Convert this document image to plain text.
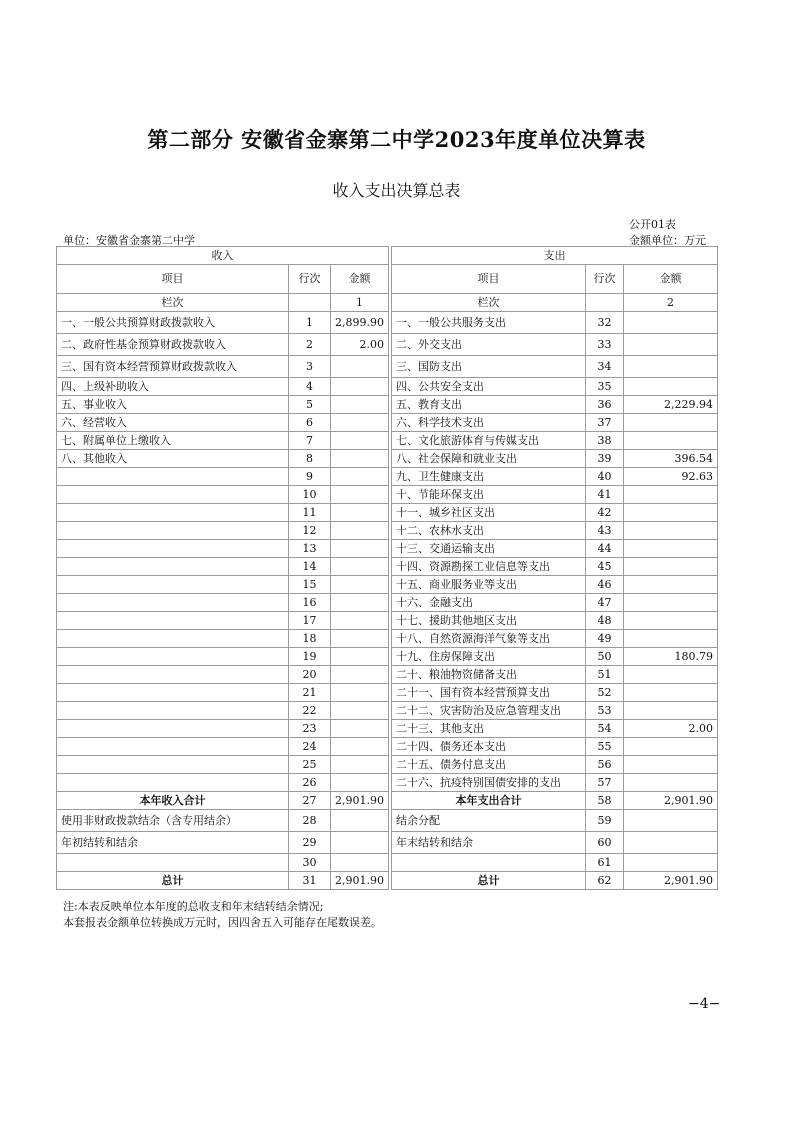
第二部分 安徽省金寨第二中学2023年度单位决算表
收入支出决算总表
公开01表
单位：安徽省金寨第二中学	金额单位：万元
收入				支出		
项目	行次	金额		项目	行次	金额
栏次		1		栏次		2
一、一般公共预算财政拨款收入	1	2,899.90		一、一般公共服务支出	32	
二、政府性基金预算财政拨款收入	2	2.00		二、外交支出	33	
三、国有资本经营预算财政拨款收入	3			三、国防支出	34	
四、上级补助收入	4			四、公共安全支出	35	
五、事业收入	5			五、教育支出	36	2,229.94
六、经营收入	6			六、科学技术支出	37	
七、附属单位上缴收入	7			七、文化旅游体育与传媒支出	38	
八、其他收入	8			八、社会保障和就业支出	39	396.54
	9			九、卫生健康支出	40	92.63
	10			十、节能环保支出	41	
	11			十一、城乡社区支出	42	
	12			十二、农林水支出	43	
	13			十三、交通运输支出	44	
	14			十四、资源勘探工业信息等支出	45	
	15			十五、商业服务业等支出	46	
	16			十六、金融支出	47	
	17			十七、援助其他地区支出	48	
	18			十八、自然资源海洋气象等支出	49	
	19			十九、住房保障支出	50	180.79
	20			二十、粮油物资储备支出	51	
	21			二十一、国有资本经营预算支出	52	
	22			二十二、灾害防治及应急管理支出	53	
	23			二十三、其他支出	54	2.00
	24			二十四、债务还本支出	55	
	25			二十五、债务付息支出	56	
	26			二十六、抗疫特别国债安排的支出	57	
本年收入合计	27	2,901.90		本年支出合计	58	2,901.90
使用非财政拨款结余（含专用结余）	28			结余分配	59	
年初结转和结余	29			年末结转和结余	60	
	30				61	
总计	31	2,901.90		总计	62	2,901.90
注:本表反映单位本年度的总收支和年末结转结余情况;
本套报表金额单位转换成万元时，因四舍五入可能存在尾数误差。
−4−
